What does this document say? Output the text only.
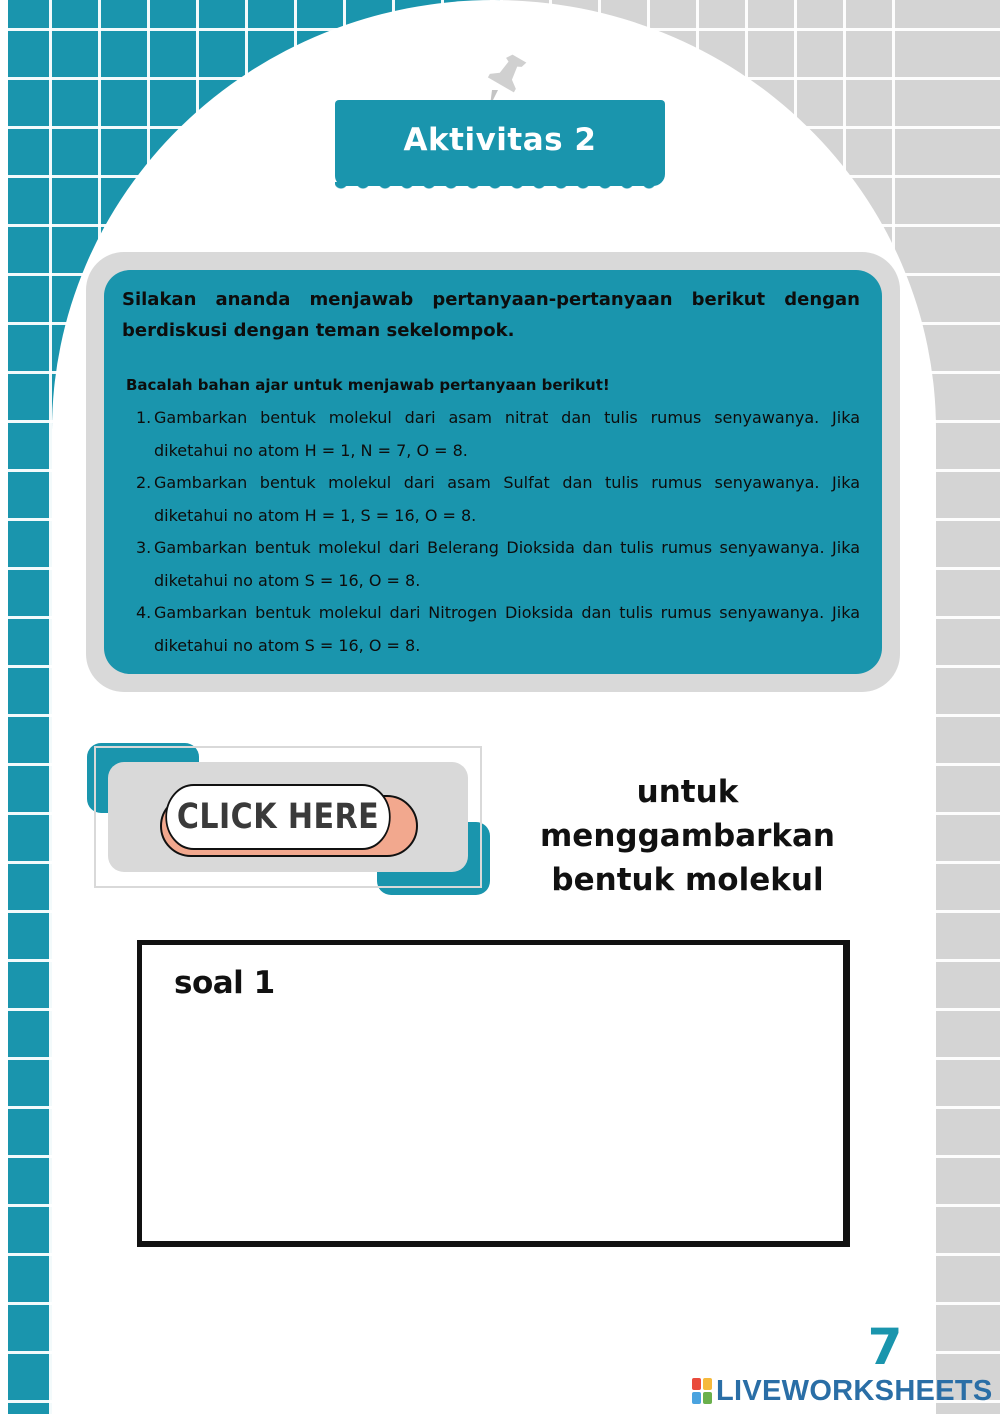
Aktivitas 2

Silakan ananda menjawab pertanyaan-pertanyaan berikut dengan berdiskusi dengan teman sekelompok.

Bacalah bahan ajar untuk menjawab pertanyaan berikut!

1. Gambarkan bentuk molekul dari asam nitrat dan tulis rumus senyawanya. Jika diketahui no atom H = 1, N = 7, O = 8.
2. Gambarkan bentuk molekul dari asam Sulfat dan tulis rumus senyawanya. Jika diketahui no atom H = 1, S = 16, O = 8.
3. Gambarkan bentuk molekul dari Belerang Dioksida dan tulis rumus senyawanya. Jika diketahui no atom S = 16, O = 8.
4. Gambarkan bentuk molekul dari Nitrogen Dioksida dan tulis rumus senyawanya. Jika diketahui no atom S = 16, O = 8.
CLICK HERE
untuk menggambarkan
bentuk molekul
soal 1
7
LIVEWORKSHEETS
